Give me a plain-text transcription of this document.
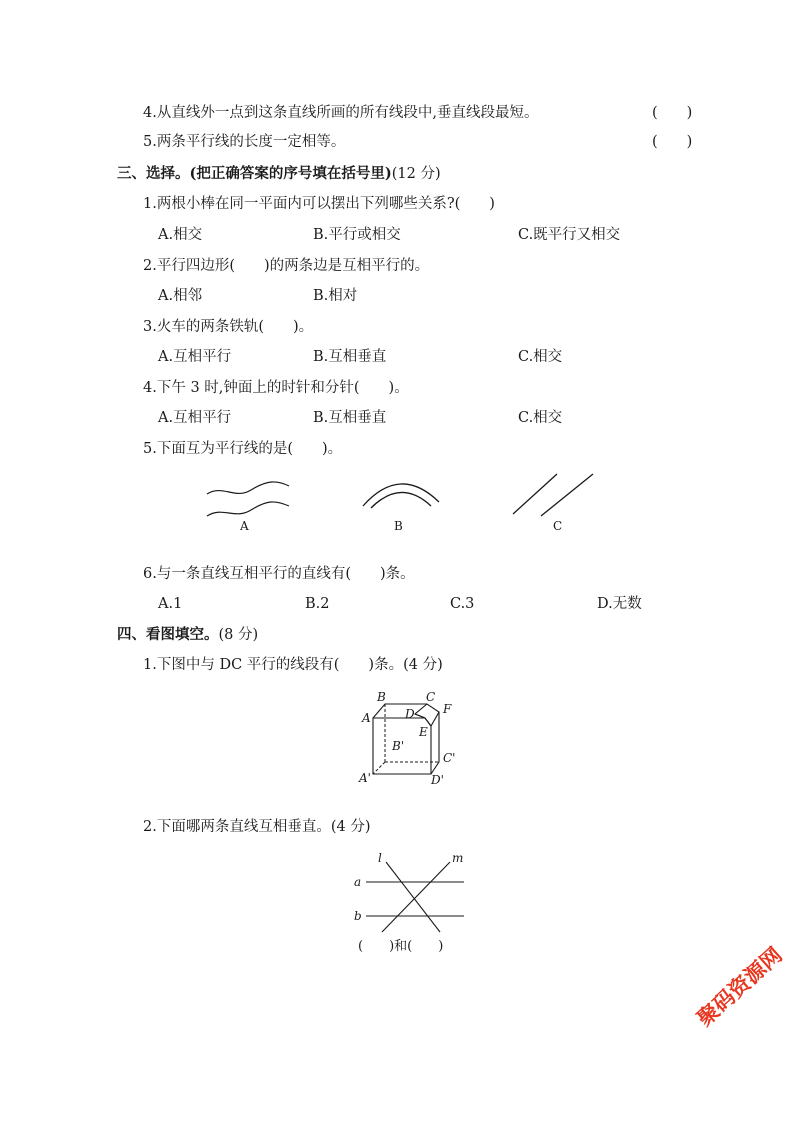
4.从直线外一点到这条直线所画的所有线段中,垂直线段最短。	(　　)
5.两条平行线的长度一定相等。	(　　)
三、选择。(把正确答案的序号填在括号里)(12 分)
1.两根小棒在同一平面内可以摆出下列哪些关系?(　　)
A.相交	B.平行或相交	C.既平行又相交
2.平行四边形(　　)的两条边是互相平行的。
A.相邻	B.相对
3.火车的两条铁轨(　　)。
A.互相平行	B.互相垂直	C.相交
4.下午 3 时,钟面上的时针和分针(　　)。
A.互相平行	B.互相垂直	C.相交
5.下面互为平行线的是(　　)。
A	B	C
6.与一条直线互相平行的直线有(　　)条。
A.1	B.2	C.3	D.无数
四、看图填空。(8 分)
1.下图中与 DC 平行的线段有(　　)条。(4 分)
B	C
A	D F
E
B'
C'
A'	D'
2.下面哪两条直线互相垂直。(4 分)
l	m
a
b
(　　)和(　　)	聚码资源网
